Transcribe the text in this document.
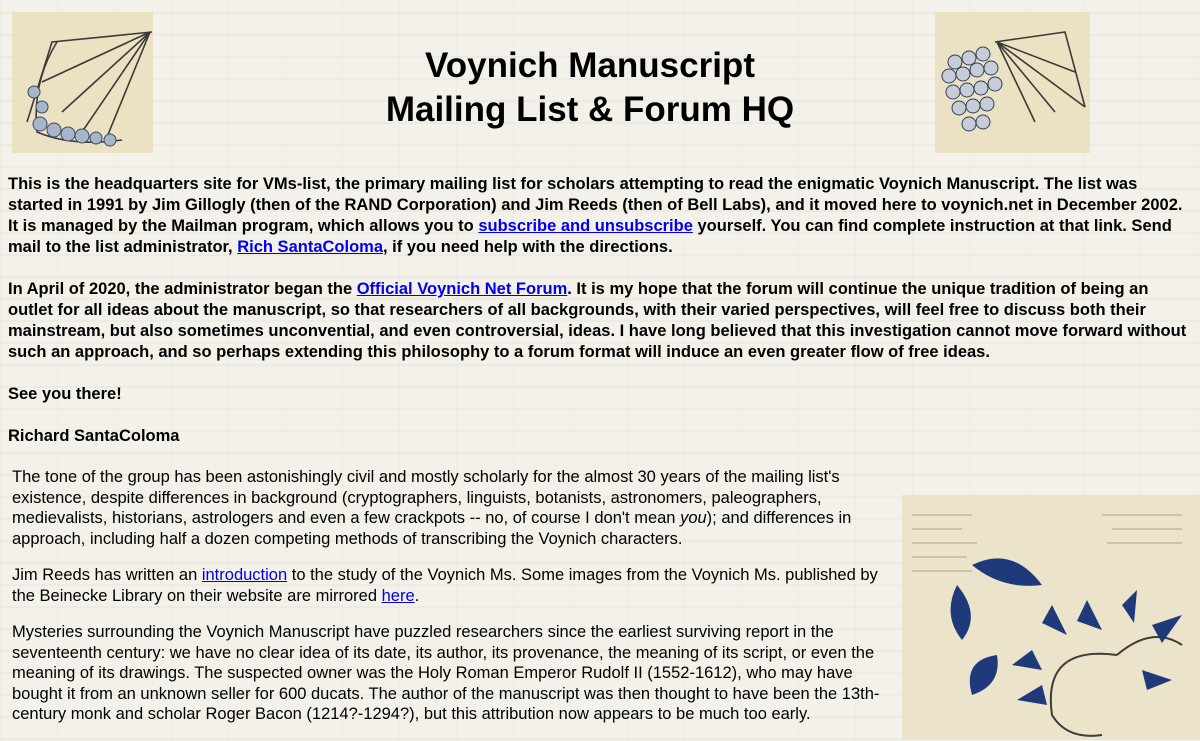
Voynich Manuscript
Mailing List & Forum HQ

This is the headquarters site for VMs-list, the primary mailing list for scholars attempting to read the enigmatic Voynich Manuscript. The list was started in 1991 by Jim Gillogly (then of the RAND Corporation) and Jim Reeds (then of Bell Labs), and it moved here to voynich.net in December 2002. It is managed by the Mailman program, which allows you to subscribe and unsubscribe yourself. You can find complete instruction at that link. Send mail to the list administrator, Rich SantaColoma, if you need help with the directions.

In April of 2020, the administrator began the Official Voynich Net Forum. It is my hope that the forum will continue the unique tradition of being an outlet for all ideas about the manuscript, so that researchers of all backgrounds, with their varied perspectives, will feel free to discuss both their mainstream, but also sometimes unconvential, and even controversial, ideas. I have long believed that this investigation cannot move forward without such an approach, and so perhaps extending this philosophy to a forum format will induce an even greater flow of free ideas.

See you there!

Richard SantaColoma

The tone of the group has been astonishingly civil and mostly scholarly for the almost 30 years of the mailing list's existence, despite differences in background (cryptographers, linguists, botanists, astronomers, paleographers, medievalists, historians, astrologers and even a few crackpots -- no, of course I don't mean you); and differences in approach, including half a dozen competing methods of transcribing the Voynich characters.

Jim Reeds has written an introduction to the study of the Voynich Ms. Some images from the Voynich Ms. published by the Beinecke Library on their website are mirrored here.

Mysteries surrounding the Voynich Manuscript have puzzled researchers since the earliest surviving report in the seventeenth century: we have no clear idea of its date, its author, its provenance, the meaning of its script, or even the meaning of its drawings. The suspected owner was the Holy Roman Emperor Rudolf II (1552-1612), who may have bought it from an unknown seller for 600 ducats. The author of the manuscript was then thought to have been the 13th-century monk and scholar Roger Bacon (1214?-1294?), but this attribution now appears to be much too early.
